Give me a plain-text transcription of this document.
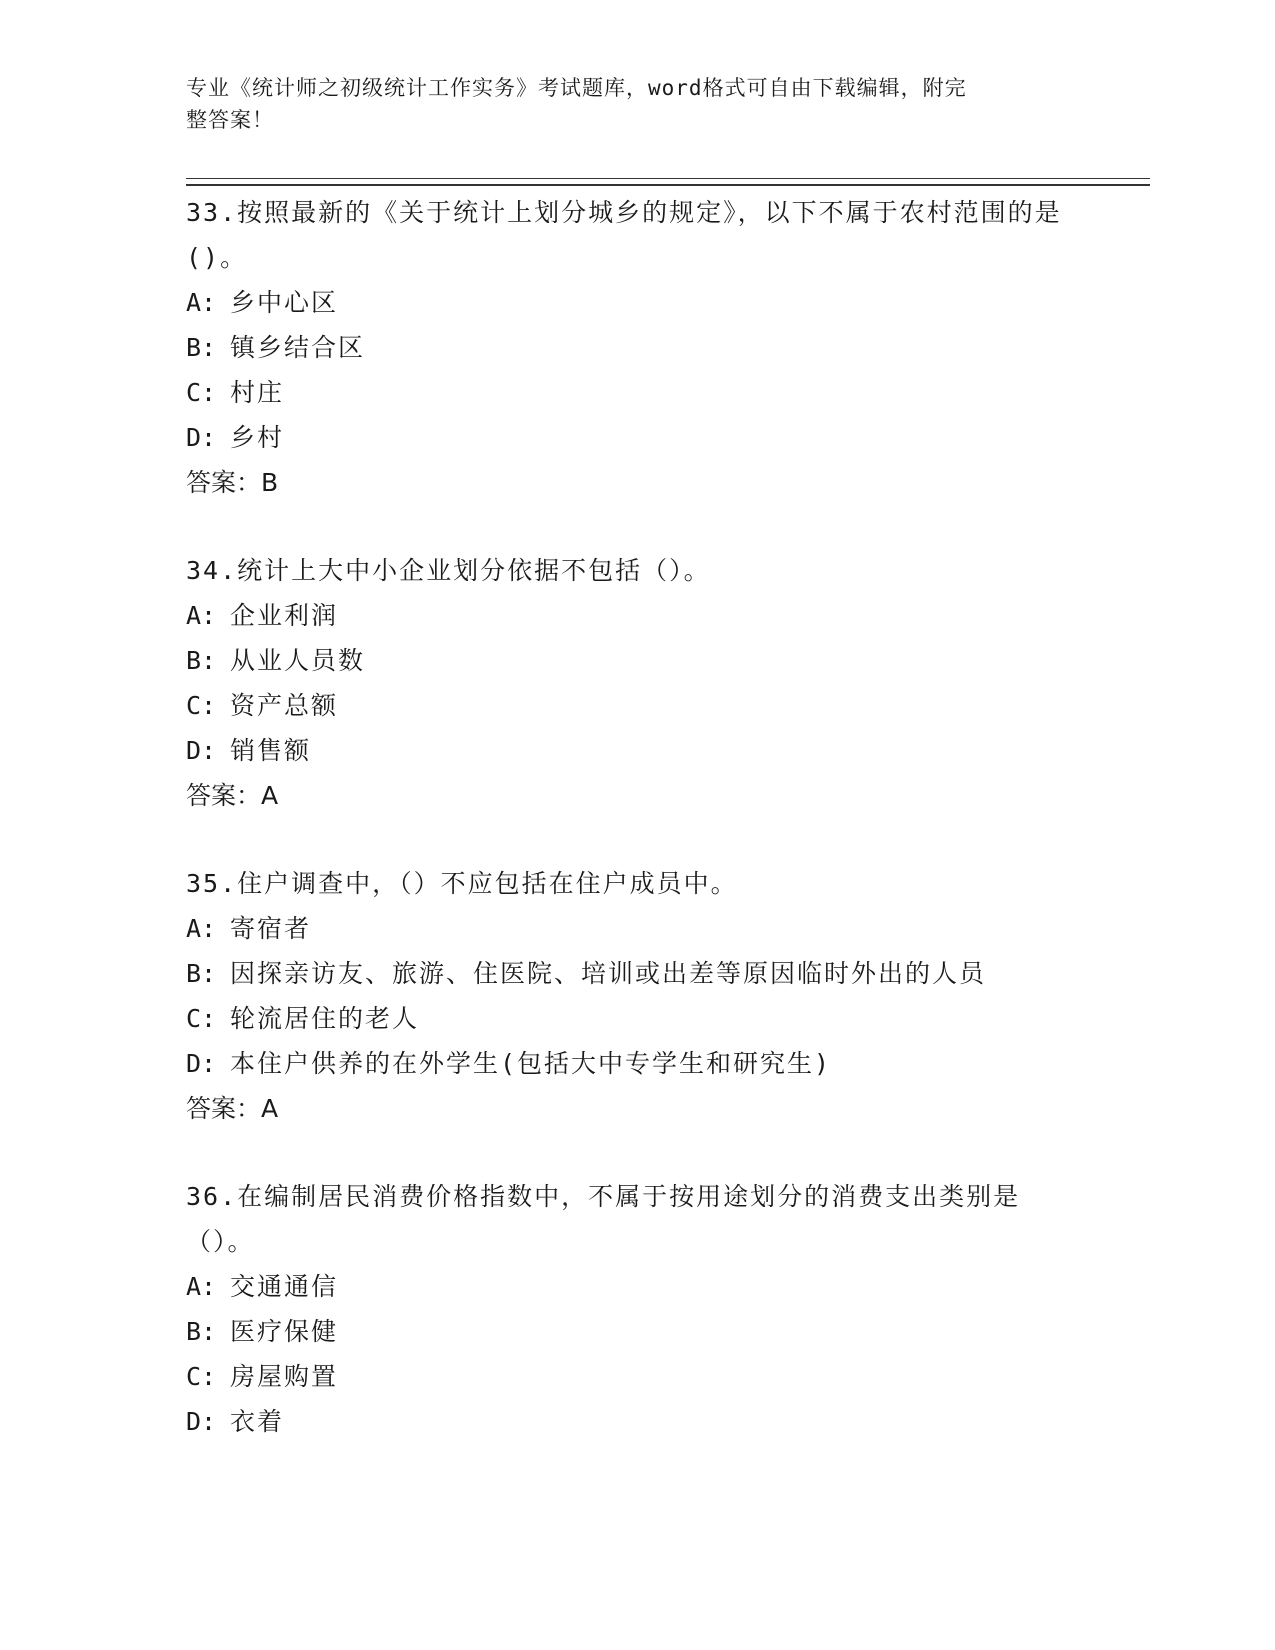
专业《统计师之初级统计工作实务》考试题库，word格式可自由下载编辑，附完
整答案！
33.按照最新的《关于统计上划分城乡的规定》，以下不属于农村范围的是()。
A: 乡中心区
B: 镇乡结合区
C: 村庄
D: 乡村
答案：B
34.统计上大中小企业划分依据不包括（）。
A: 企业利润
B: 从业人员数
C: 资产总额
D: 销售额
答案：A
35.住户调查中，（）不应包括在住户成员中。
A: 寄宿者
B: 因探亲访友、旅游、住医院、培训或出差等原因临时外出的人员
C: 轮流居住的老人
D: 本住户供养的在外学生(包括大中专学生和研究生)
答案：A
36.在编制居民消费价格指数中，不属于按用途划分的消费支出类别是（）。
A: 交通通信
B: 医疗保健
C: 房屋购置
D: 衣着
